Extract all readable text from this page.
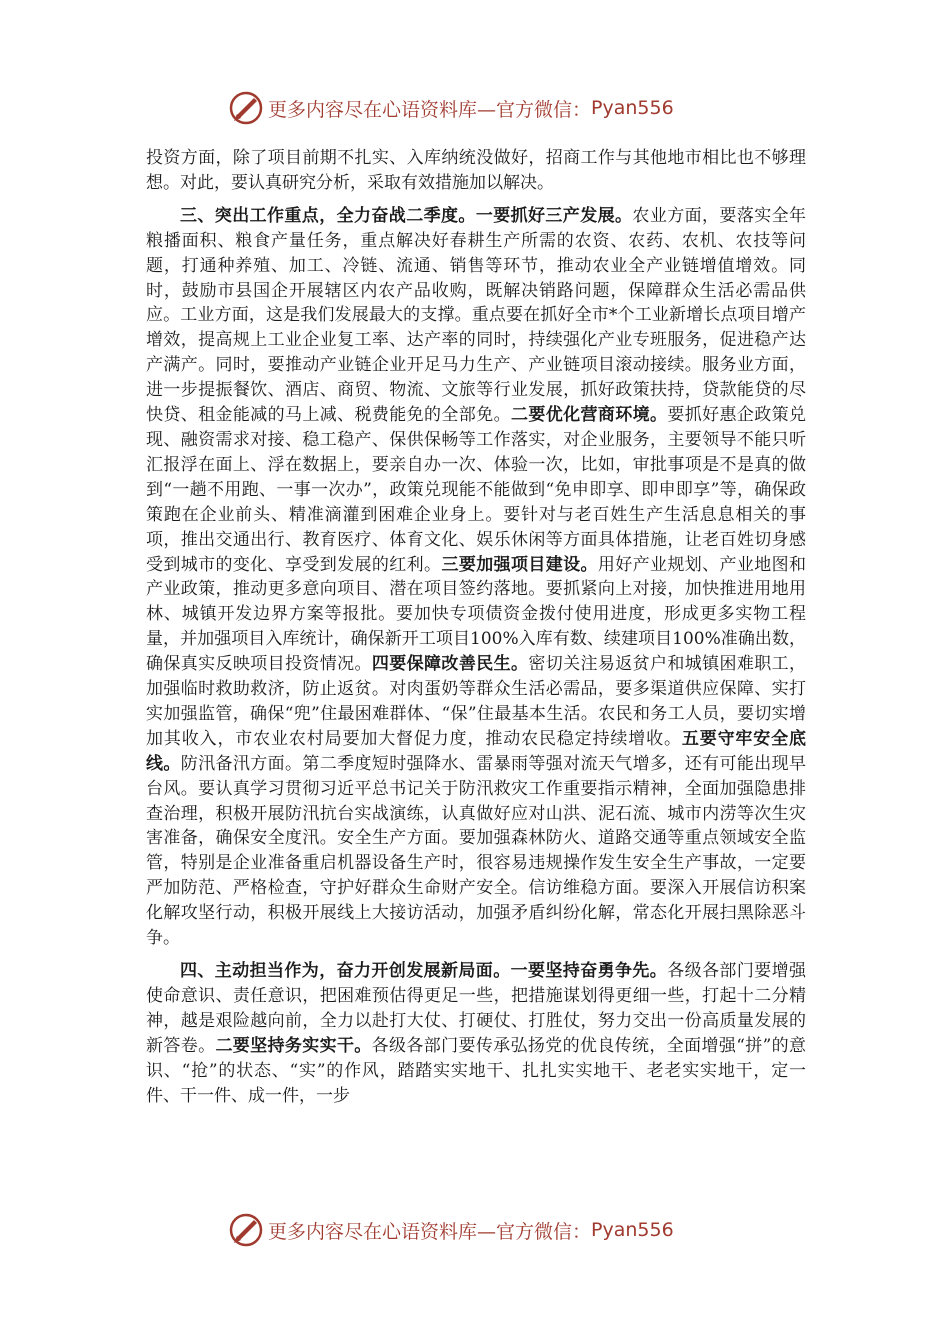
更多内容尽在心语资料库—官方微信： Pyan556

投资方面，除了项目前期不扎实、入库纳统没做好，招商工作与其他地市相比也不够理想。对此，要认真研究分析，采取有效措施加以解决。

三、突出工作重点，全力奋战二季度。一要抓好三产发展。农业方面，要落实全年粮播面积、粮食产量任务，重点解决好春耕生产所需的农资、农药、农机、农技等问题，打通种养殖、加工、冷链、流通、销售等环节，推动农业全产业链增值增效。同时，鼓励市县国企开展辖区内农产品收购，既解决销路问题，保障群众生活必需品供应。工业方面，这是我们发展最大的支撑。重点要在抓好全市*个工业新增长点项目增产增效，提高规上工业企业复工率、达产率的同时，持续强化产业专班服务，促进稳产达产满产。同时，要推动产业链企业开足马力生产、产业链项目滚动接续。服务业方面，进一步提振餐饮、酒店、商贸、物流、文旅等行业发展，抓好政策扶持，贷款能贷的尽快贷、租金能减的马上减、税费能免的全部免。二要优化营商环境。要抓好惠企政策兑现、融资需求对接、稳工稳产、保供保畅等工作落实，对企业服务，主要领导不能只听汇报浮在面上、浮在数据上，要亲自办一次、体验一次，比如，审批事项是不是真的做到“一趟不用跑、一事一次办”，政策兑现能不能做到“免申即享、即申即享”等，确保政策跑在企业前头、精准滴灌到困难企业身上。要针对与老百姓生产生活息息相关的事项，推出交通出行、教育医疗、体育文化、娱乐休闲等方面具体措施，让老百姓切身感受到城市的变化、享受到发展的红利。三要加强项目建设。用好产业规划、产业地图和产业政策，推动更多意向项目、潜在项目签约落地。要抓紧向上对接，加快推进用地用林、城镇开发边界方案等报批。要加快专项债资金拨付使用进度，形成更多实物工程量，并加强项目入库统计，确保新开工项目100%入库有数、续建项目100%准确出数，确保真实反映项目投资情况。四要保障改善民生。密切关注易返贫户和城镇困难职工，加强临时救助救济，防止返贫。对肉蛋奶等群众生活必需品，要多渠道供应保障、实打实加强监管，确保“兜”住最困难群体、“保”住最基本生活。农民和务工人员，要切实增加其收入，市农业农村局要加大督促力度，推动农民稳定持续增收。五要守牢安全底线。防汛备汛方面。第二季度短时强降水、雷暴雨等强对流天气增多，还有可能出现早台风。要认真学习贯彻习近平总书记关于防汛救灾工作重要指示精神，全面加强隐患排查治理，积极开展防汛抗台实战演练，认真做好应对山洪、泥石流、城市内涝等次生灾害准备，确保安全度汛。安全生产方面。要加强森林防火、道路交通等重点领域安全监管，特别是企业准备重启机器设备生产时，很容易违规操作发生安全生产事故，一定要严加防范、严格检查，守护好群众生命财产安全。信访维稳方面。要深入开展信访积案化解攻坚行动，积极开展线上大接访活动，加强矛盾纠纷化解，常态化开展扫黑除恶斗争。

四、主动担当作为，奋力开创发展新局面。一要坚持奋勇争先。各级各部门要增强使命意识、责任意识，把困难预估得更足一些，把措施谋划得更细一些，打起十二分精神，越是艰险越向前，全力以赴打大仗、打硬仗、打胜仗，努力交出一份高质量发展的新答卷。二要坚持务实实干。各级各部门要传承弘扬党的优良传统，全面增强“拼”的意识、“抢”的状态、“实”的作风，踏踏实实地干、扎扎实实地干、老老实实地干，定一件、干一件、成一件，一步

更多内容尽在心语资料库—官方微信： Pyan556
